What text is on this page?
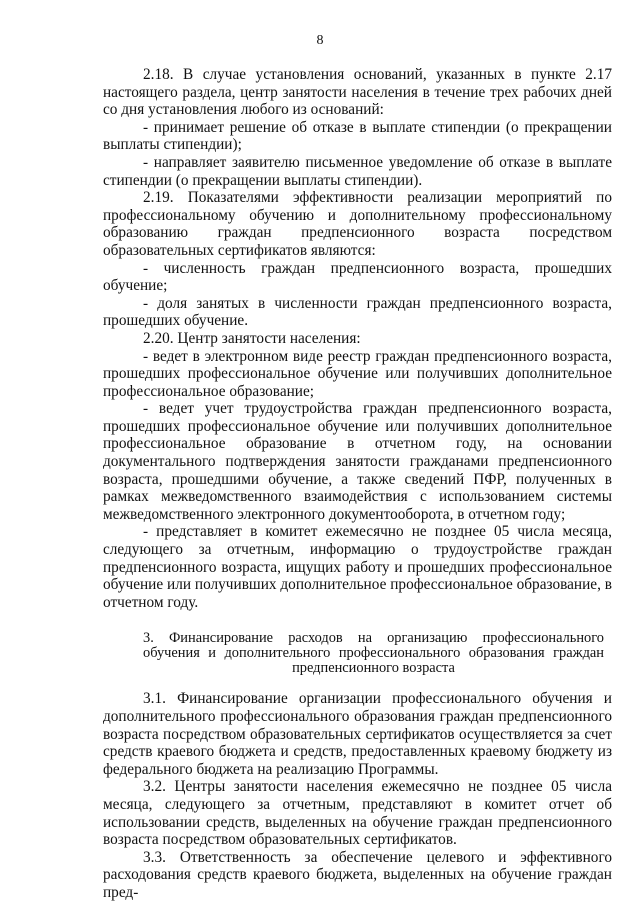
8

2.18. В случае установления оснований, указанных в пункте 2.17 настоящего раздела, центр занятости населения в течение трех рабочих дней со дня установления любого из оснований:

- принимает решение об отказе в выплате стипендии (о прекращении выплаты стипендии);

- направляет заявителю письменное уведомление об отказе в выплате стипендии (о прекращении выплаты стипендии).

2.19. Показателями эффективности реализации мероприятий по профессиональному обучению и дополнительному профессиональному образованию граждан предпенсионного возраста посредством образовательных сертификатов являются:

- численность граждан предпенсионного возраста, прошедших обучение;

- доля занятых в численности граждан предпенсионного возраста, прошедших обучение.

2.20. Центр занятости населения:

- ведет в электронном виде реестр граждан предпенсионного возраста, прошедших профессиональное обучение или получивших дополнительное профессиональное образование;

- ведет учет трудоустройства граждан предпенсионного возраста, прошедших профессиональное обучение или получивших дополнительное профессиональное образование в отчетном году, на основании документального подтверждения занятости гражданами предпенсионного возраста, прошедшими обучение, а также сведений ПФР, полученных в рамках межведомственного взаимодействия с использованием системы межведомственного электронного документооборота, в отчетном году;

- представляет в комитет ежемесячно не позднее 05 числа месяца, следующего за отчетным, информацию о трудоустройстве граждан предпенсионного возраста, ищущих работу и прошедших профессиональное обучение или получивших дополнительное профессиональное образование, в отчетном году.

3. Финансирование расходов на организацию профессионального обучения и дополнительного профессионального образования граждан предпенсионного возраста

3.1. Финансирование организации профессионального обучения и дополнительного профессионального образования граждан предпенсионного возраста посредством образовательных сертификатов осуществляется за счет средств краевого бюджета и средств, предоставленных краевому бюджету из федерального бюджета на реализацию Программы.

3.2. Центры занятости населения ежемесячно не позднее 05 числа месяца, следующего за отчетным, представляют в комитет отчет об использовании средств, выделенных на обучение граждан предпенсионного возраста посредством образовательных сертификатов.

3.3. Ответственность за обеспечение целевого и эффективного расходования средств краевого бюджета, выделенных на обучение граждан пред-
